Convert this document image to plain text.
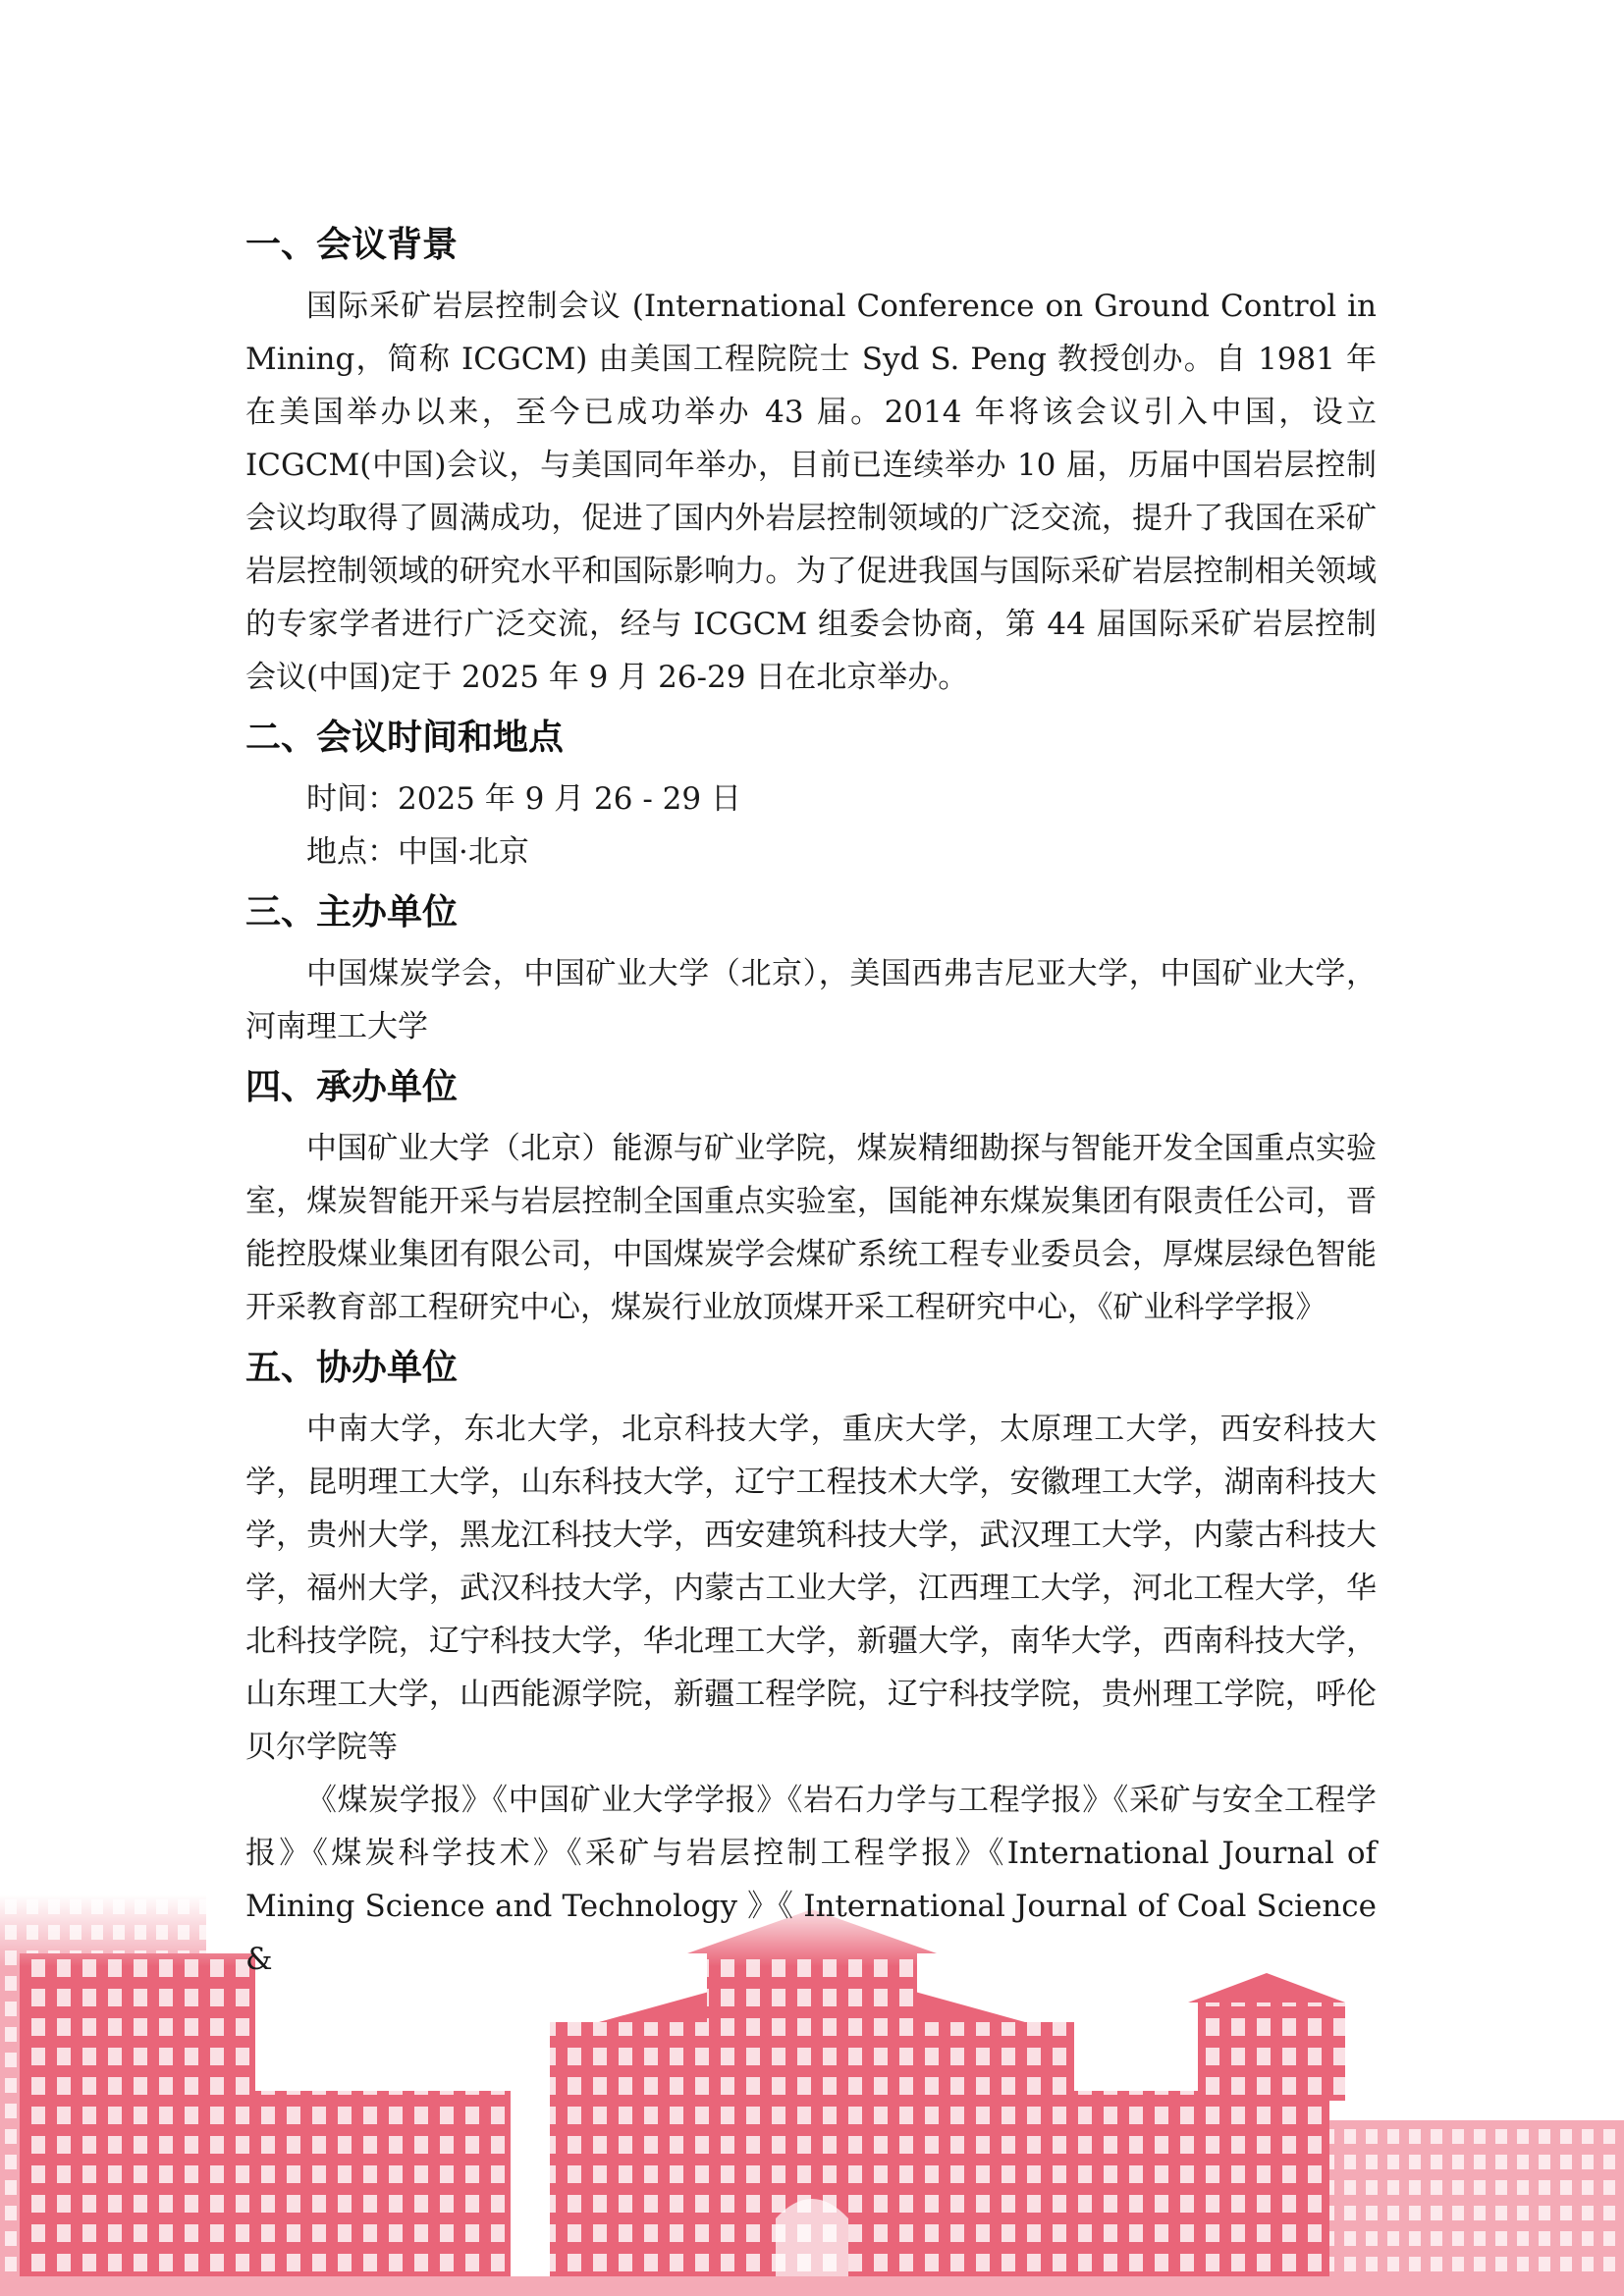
一、会议背景

国际采矿岩层控制会议 (International Conference on Ground Control in Mining，简称 ICGCM) 由美国工程院院士 Syd S. Peng 教授创办。自 1981 年在美国举办以来，至今已成功举办 43 届。2014 年将该会议引入中国，设立 ICGCM(中国)会议，与美国同年举办，目前已连续举办 10 届，历届中国岩层控制会议均取得了圆满成功，促进了国内外岩层控制领域的广泛交流，提升了我国在采矿岩层控制领域的研究水平和国际影响力。为了促进我国与国际采矿岩层控制相关领域的专家学者进行广泛交流，经与 ICGCM 组委会协商，第 44 届国际采矿岩层控制会议(中国)定于 2025 年 9 月 26-29 日在北京举办。

二、会议时间和地点

时间：2025 年 9 月 26 - 29 日

地点：中国·北京

三、主办单位

中国煤炭学会，中国矿业大学（北京），美国西弗吉尼亚大学，中国矿业大学，河南理工大学

四、承办单位

中国矿业大学（北京）能源与矿业学院，煤炭精细勘探与智能开发全国重点实验室，煤炭智能开采与岩层控制全国重点实验室，国能神东煤炭集团有限责任公司，晋能控股煤业集团有限公司，中国煤炭学会煤矿系统工程专业委员会，厚煤层绿色智能开采教育部工程研究中心，煤炭行业放顶煤开采工程研究中心，《矿业科学学报》

五、协办单位

中南大学，东北大学，北京科技大学，重庆大学，太原理工大学，西安科技大学，昆明理工大学，山东科技大学，辽宁工程技术大学，安徽理工大学，湖南科技大学，贵州大学，黑龙江科技大学，西安建筑科技大学，武汉理工大学，内蒙古科技大学，福州大学，武汉科技大学，内蒙古工业大学，江西理工大学，河北工程大学，华北科技学院，辽宁科技大学，华北理工大学，新疆大学，南华大学，西南科技大学，山东理工大学，山西能源学院，新疆工程学院，辽宁科技学院，贵州理工学院，呼伦贝尔学院等

《煤炭学报》《中国矿业大学学报》《岩石力学与工程学报》《采矿与安全工程学报》《煤炭科学技术》《采矿与岩层控制工程学报》《International Journal of Mining Science and Technology 》《 International Journal of Coal Science &
